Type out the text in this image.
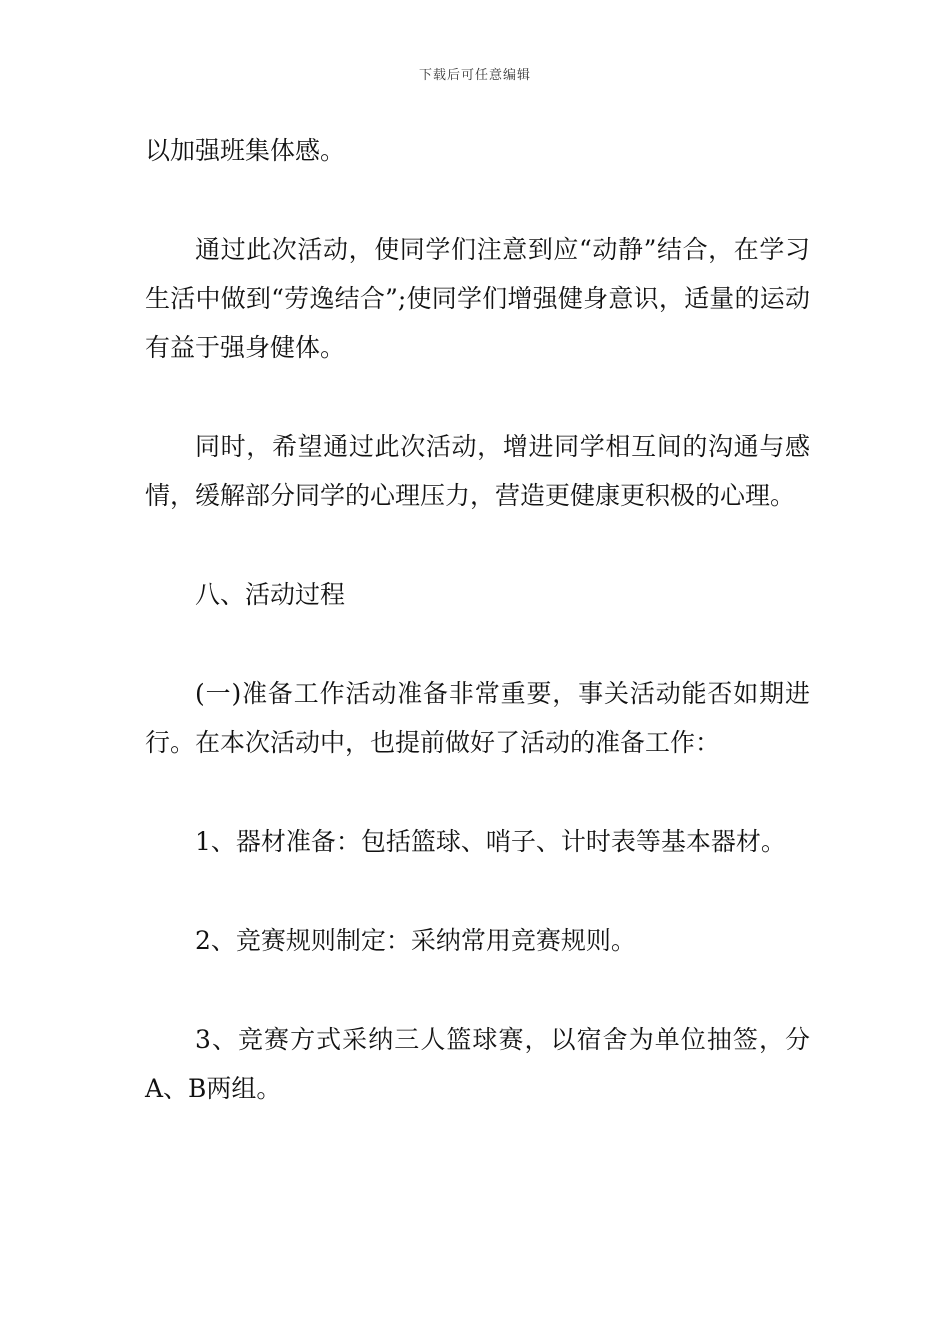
下载后可任意编辑

以加强班集体感。

通过此次活动，使同学们注意到应“动静”结合，在学习生活中做到“劳逸结合”;使同学们增强健身意识，适量的运动有益于强身健体。

同时，希望通过此次活动，增进同学相互间的沟通与感情，缓解部分同学的心理压力，营造更健康更积极的心理。

八、活动过程

(一)准备工作活动准备非常重要，事关活动能否如期进行。在本次活动中，也提前做好了活动的准备工作：

1、器材准备：包括篮球、哨子、计时表等基本器材。

2、竞赛规则制定：采纳常用竞赛规则。

3、竞赛方式采纳三人篮球赛，以宿舍为单位抽签，分A、B两组。
